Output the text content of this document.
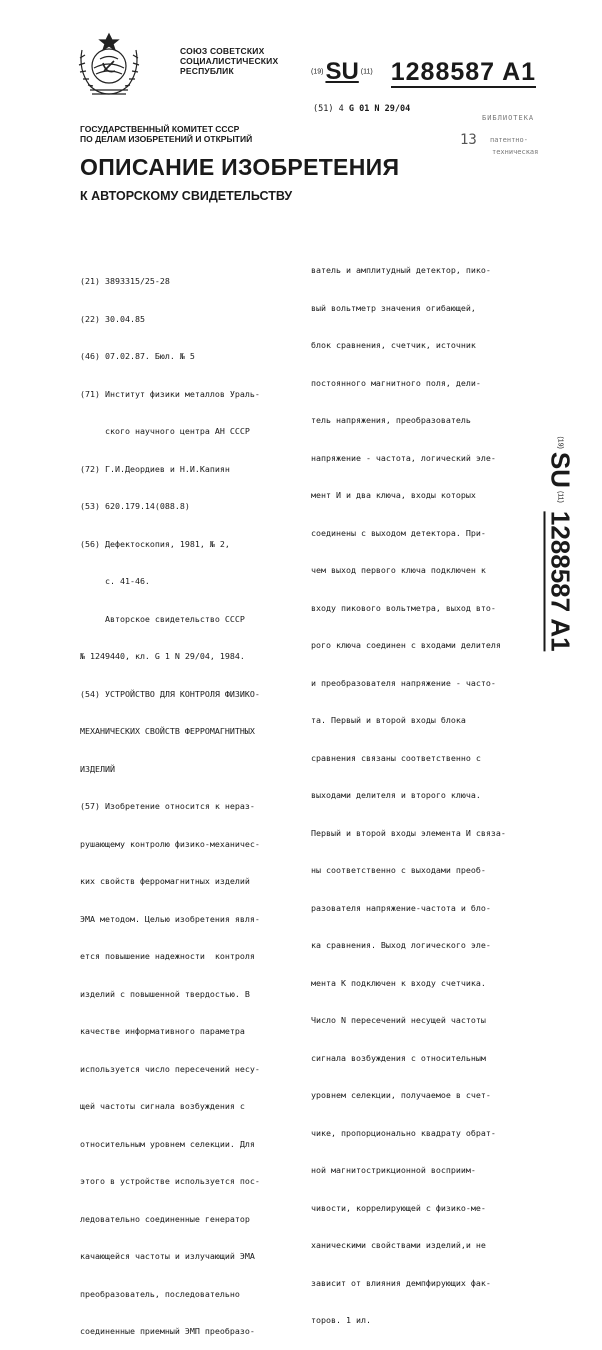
СОЮЗ СОВЕТСКИХ
СОЦИАЛИСТИЧЕСКИХ
РЕСПУБЛИК	(19)SU (11) 1288587 A1
(51) 4 G 01 N 29/04
БИБЛИОТЕКА
13 патентно-
техническая
ГОСУДАРСТВЕННЫЙ КОМИТЕТ СССР
ПО ДЕЛАМ ИЗОБРЕТЕНИЙ И ОТКРЫТИЙ
ОПИСАНИЕ ИЗОБРЕТЕНИЯ
К АВТОРСКОМУ СВИДЕТЕЛЬСТВУ

(21) 3893315/25-28

(22) 30.04.85

(46) 07.02.87. Бюл. № 5

(71) Институт физики металлов Ураль-

ского научного центра АН СССР

(72) Г.И.Деордиев и Н.И.Капиян

(53) 620.179.14(088.8)

(56) Дефектоскопия, 1981, № 2,

с. 41-46.

Авторское свидетельство СССР

№ 1249440, кл. G 1 N 29/04, 1984.

(54) УСТРОЙСТВО ДЛЯ КОНТРОЛЯ ФИЗИКО-

МЕХАНИЧЕСКИХ СВОЙСТВ ФЕРРОМАГНИТНЫХ

ИЗДЕЛИЙ

(57) Изобретение относится к нераз-

рушающему контролю физико-механичес-

ких свойств ферромагнитных изделий

ЭМА методом. Целью изобретения явля-

ется повышение надежности  контроля

изделий с повышенной твердостью. В

качестве информативного параметра

используется число пересечений несу-

щей частоты сигнала возбуждения с

относительным уровнем селекции. Для

этого в устройстве используется пос-

ледовательно соединенные генератор

качающейся частоты и излучающий ЭМА

преобразователь, последовательно

соединенные приемный ЭМП преобразо-

ватель и амплитудный детектор, пико-

вый вольтметр значения огибающей,

блок сравнения, счетчик, источник

постоянного магнитного поля, дели-

тель напряжения, преобразователь

напряжение - частота, логический эле-

мент И и два ключа, входы которых

соединены с выходом детектора. При-

чем выход первого ключа подключен к

входу пикового вольтметра, выход вто-

рого ключа соединен с входами делителя

и преобразователя напряжение - часто-

та. Первый и второй входы блока

сравнения связаны соответственно с

выходами делителя и второго ключа.

Первый и второй входы элемента И связа-

ны соответственно с выходами преоб-

разователя напряжение-частота и бло-

ка сравнения. Выход логического эле-

мента К подключен к входу счетчика.

Число N пересечений несущей частоты

сигнала возбуждения с относительным

уровнем селекции, получаемое в счет-

чике, пропорционально квадрату обрат-

ной магнитострикционной восприим-

чивости, коррелирующей с физико-ме-

ханическими свойствами изделий,и не

зависит от влияния демпфирующих фак-

торов. 1 ил.

(19)SU(11)1288587 A1
